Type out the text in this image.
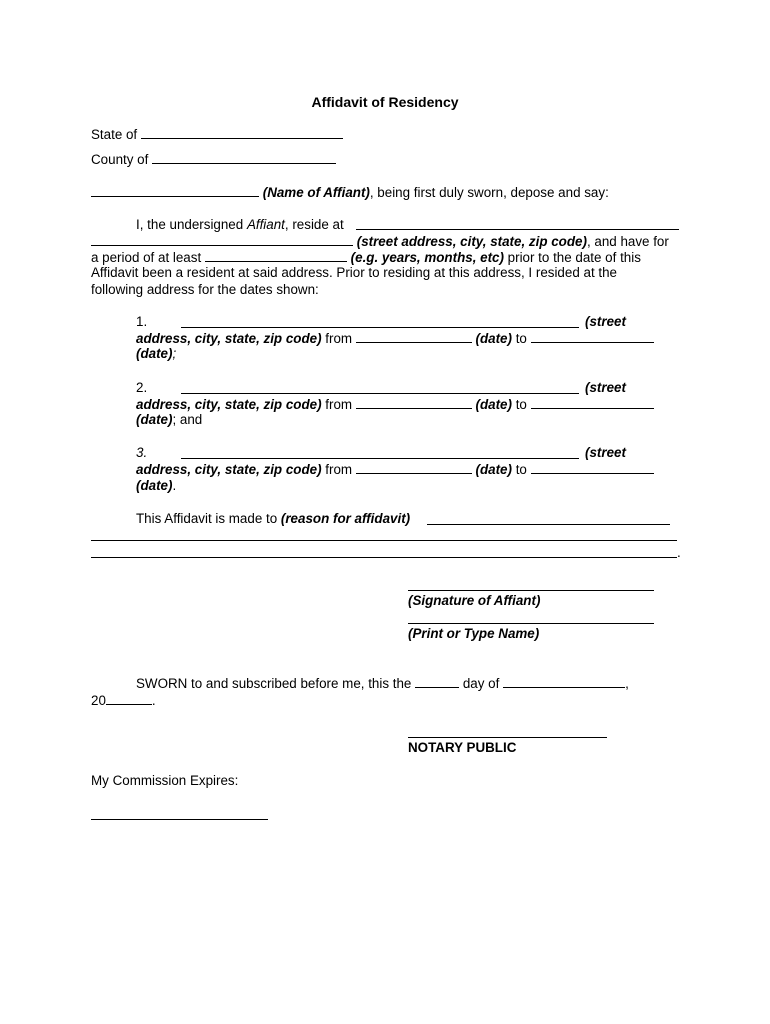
Affidavit of Residency
State of
County of
(Name of Affiant), being first duly sworn, depose and say:
I, the undersigned Affiant, reside at
(street address, city, state, zip code), and have for
a period of at least	(e.g. years, months, etc) prior to the date of this
Affidavit been a resident at said address. Prior to residing at this address, I resided at the
following address for the dates shown:
1.	(street
address, city, state, zip code) from	(date) to
(date);
2.	(street
address, city, state, zip code) from	(date) to
(date); and
3.	(street
address, city, state, zip code) from	(date) to
(date).
This Affidavit is made to (reason for affidavit)
.
(Signature of Affiant)
(Print or Type Name)
SWORN to and subscribed before me, this the	day of	,
20	.
NOTARY PUBLIC
My Commission Expires:
